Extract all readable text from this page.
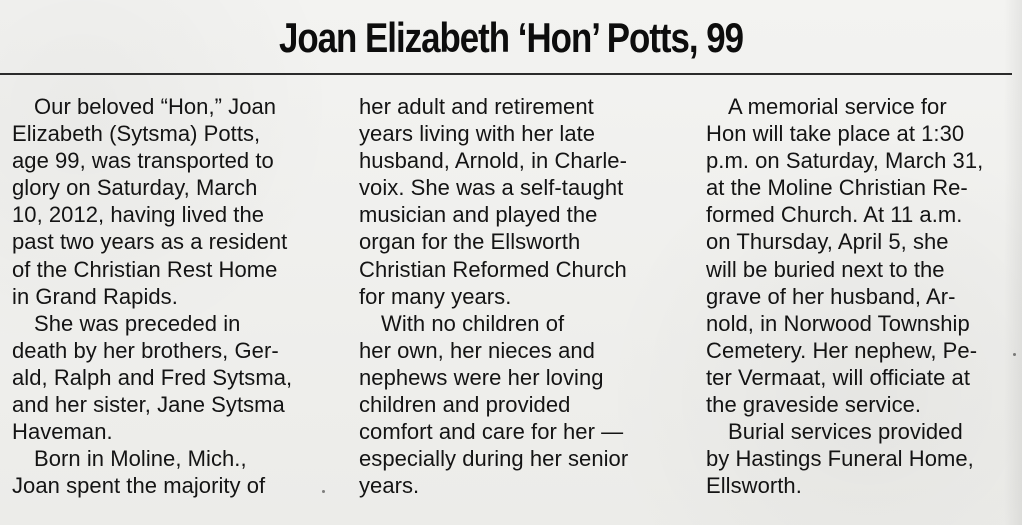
Joan Elizabeth ‘Hon’ Potts, 99
Our beloved “Hon,” Joan
Elizabeth (Sytsma) Potts,
age 99, was transported to
glory on Saturday, March
10, 2012, having lived the
past two years as a resident
of the Christian Rest Home
in Grand Rapids.
She was preceded in
death by her brothers, Ger-
ald, Ralph and Fred Sytsma,
and her sister, Jane Sytsma
Haveman.
Born in Moline, Mich.,
Joan spent the majority of
her adult and retirement
years living with her late
husband, Arnold, in Charle-
voix. She was a self-taught
musician and played the
organ for the Ellsworth
Christian Reformed Church
for many years.
With no children of
her own, her nieces and
nephews were her loving
children and provided
comfort and care for her —
especially during her senior
years.
A memorial service for
Hon will take place at 1:30
p.m. on Saturday, March 31,
at the Moline Christian Re-
formed Church. At 11 a.m.
on Thursday, April 5, she
will be buried next to the
grave of her husband, Ar-
nold, in Norwood Township
Cemetery. Her nephew, Pe-
ter Vermaat, will officiate at
the graveside service.
Burial services provided
by Hastings Funeral Home,
Ellsworth.
